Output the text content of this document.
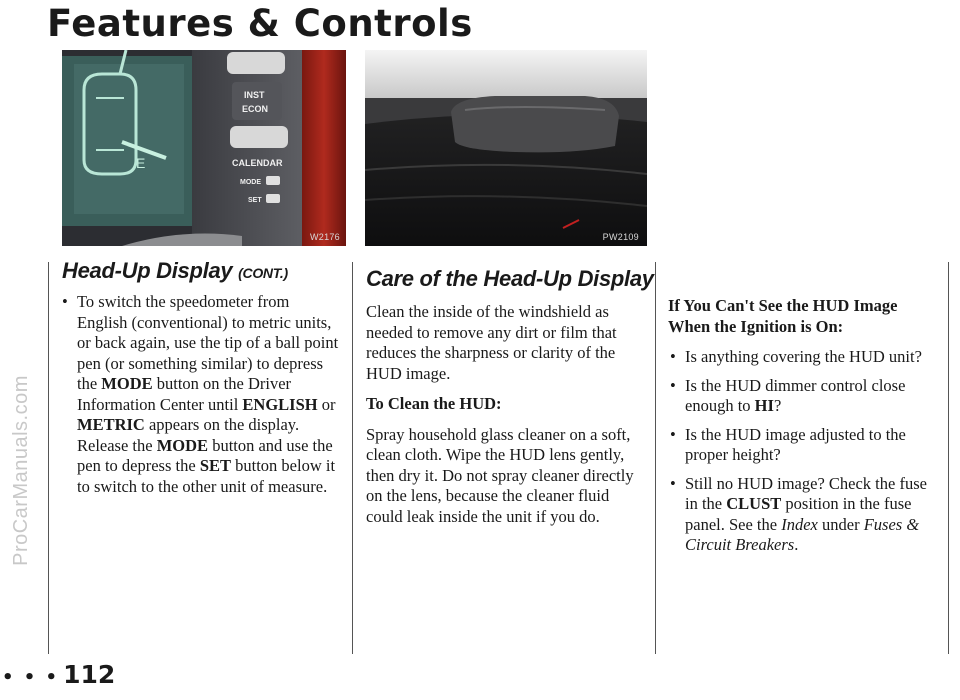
ProCarManuals.com
Features & Controls
E
INST
ECON
CALENDAR
MODE
SET
W2176	PW2109
Head-Up Display (CONT.)
• To switch the speedometer from English (conventional) to metric units, or back again, use the tip of a ball point pen (or something similar) to depress the MODE button on the Driver Information Center until ENGLISH or METRIC appears on the display. Release the MODE button and use the pen to depress the SET button below it to switch to the other unit of measure.
Care of the Head-Up Display

Clean the inside of the windshield as needed to remove any dirt or film that reduces the sharpness or clarity of the HUD image.

To Clean the HUD:

Spray household glass cleaner on a soft, clean cloth. Wipe the HUD lens gently, then dry it. Do not spray cleaner directly on the lens, because the cleaner fluid could leak inside the unit if you do.

If You Can't See the HUD Image When the Ignition is On:

• Is anything covering the HUD unit?
• Is the HUD dimmer control close enough to HI?
• Is the HUD image adjusted to the proper height?
• Still no HUD image? Check the fuse in the CLUST position in the fuse panel. See the Index under Fuses & Circuit Breakers.
• • • 112
